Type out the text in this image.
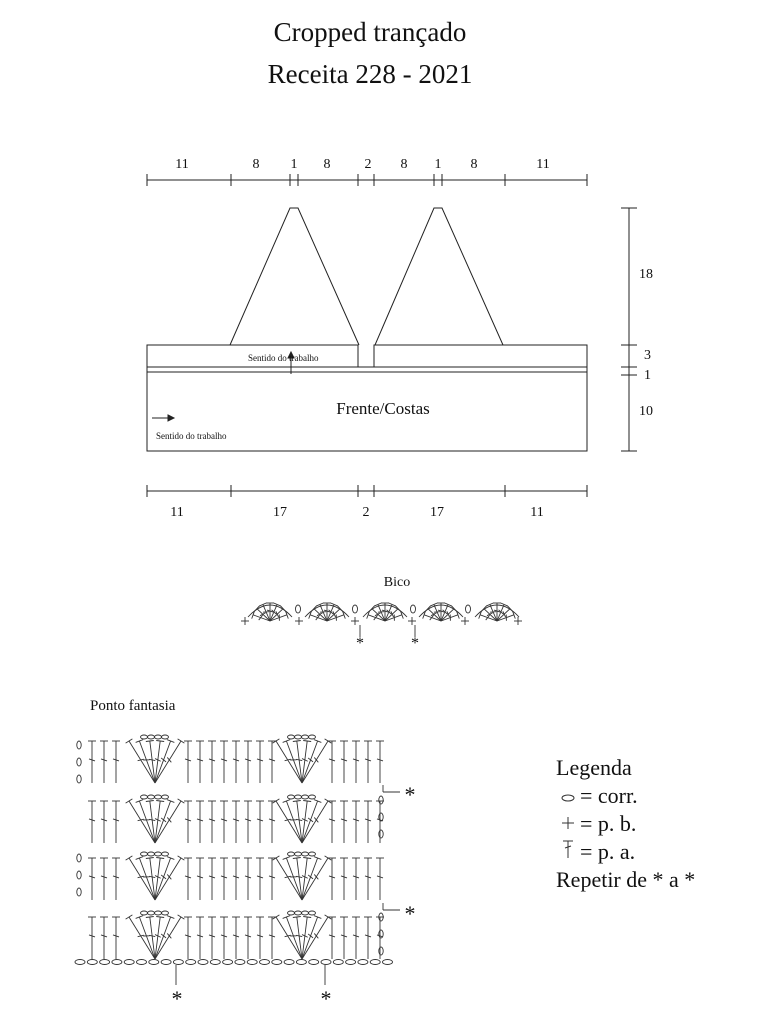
Cropped trançado
Receita 228 - 2021
11	8 1 8 2 8 1 8	11
11	17	2	17	11
18
3
1
10
Frente/Costas
Sentido do trabalho
Sentido do trabalho
Bico
*	*
Ponto fantasia
*
*
*	*
Legenda
= corr.
= p. b.
= p. a.
Repetir de * a *
